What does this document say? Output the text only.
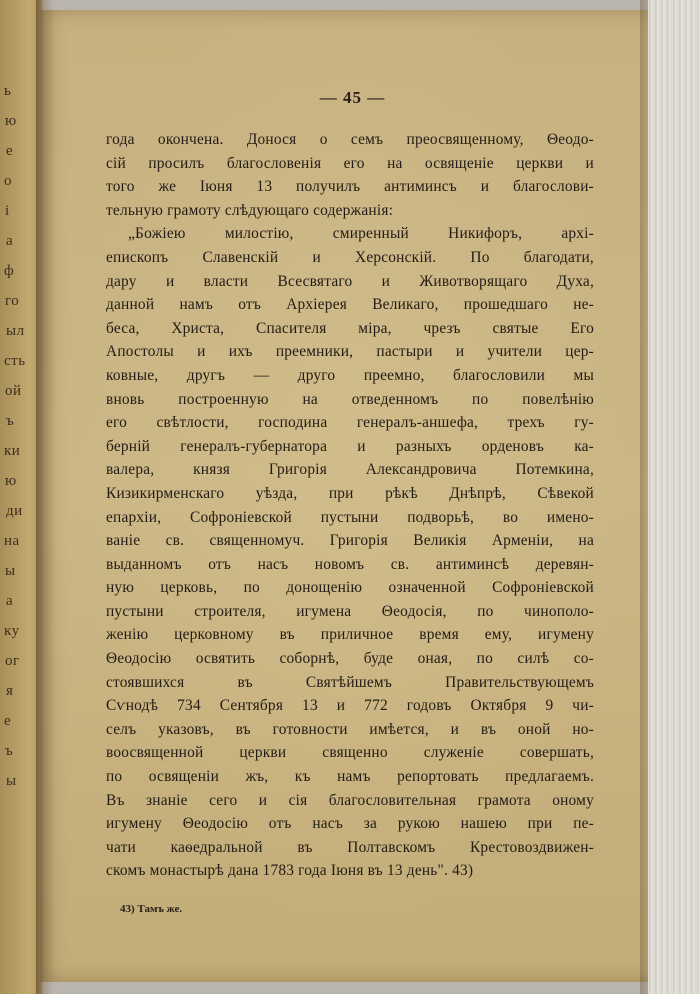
ь
ю
е
о
і
а
ф
го
ыл
сть
ой
ъ
ки
ю
ди
на
ы
а
ку
ог
я
е
ъ
ы
— 45 —
года окончена. Донося о семъ преосвященному, Θеодо-
сій просилъ благословенія его на освященіе церкви и
того же Іюня 13 получилъ антиминсъ и благослови-
тельную грамоту слѣдующаго содержанія:
„Божіею милостію, смиренный Никифоръ, архі-
епископъ Славенскій и Херсонскій. По благодати,
дару и власти Всесвятаго и Животворящаго Духа,
данной намъ отъ Архіерея Великаго, прошедшаго не-
беса, Христа, Спасителя міра, чрезъ святые Его
Апостолы и ихъ преемники, пастыри и учители цер-
ковные, другъ — друго преемно, благословили мы
вновь построенную на отведенномъ по повелѣнію
его свѣтлости, господина генералъ-аншефа, трехъ гу-
берній генералъ-губернатора и разныхъ орденовъ ка-
валера, князя Григорія Александровича Потемкина,
Кизикирменскаго уѣзда, при рѣкѣ Днѣпрѣ, Сѣвекой
епархіи, Софроніевской пустыни подворьѣ, во имено-
ваніе св. священномуч. Григорія Великія Арменіи, на
выданномъ отъ насъ новомъ св. антиминсѣ деревян-
ную церковь, по донощенію означенной Софроніевской
пустыни строителя, игумена Θеодосія, по чинополо-
женію церковному въ приличное время ему, игумену
Θеодосію освятить соборнѣ, буде оная, по силѣ со-
стоявшихся въ Святѣйшемъ Правительствующемъ
Сѵнодѣ 734 Сентября 13 и 772 годовъ Октября 9 чи-
селъ указовъ, въ готовности имѣется, и въ оной но-
воосвященной церкви священно служеніе совершать,
по освященіи жъ, къ намъ репортовать предлагаемъ.
Въ знаніе сего и сія благословительная грамота оному
игумену Θеодосію отъ насъ за рукою нашею при пе-
чати каѳедральной въ Полтавскомъ Крестовоздвижен-
скомъ монастырѣ дана 1783 года Іюня въ 13 день". 43)
43) Тамъ же.
